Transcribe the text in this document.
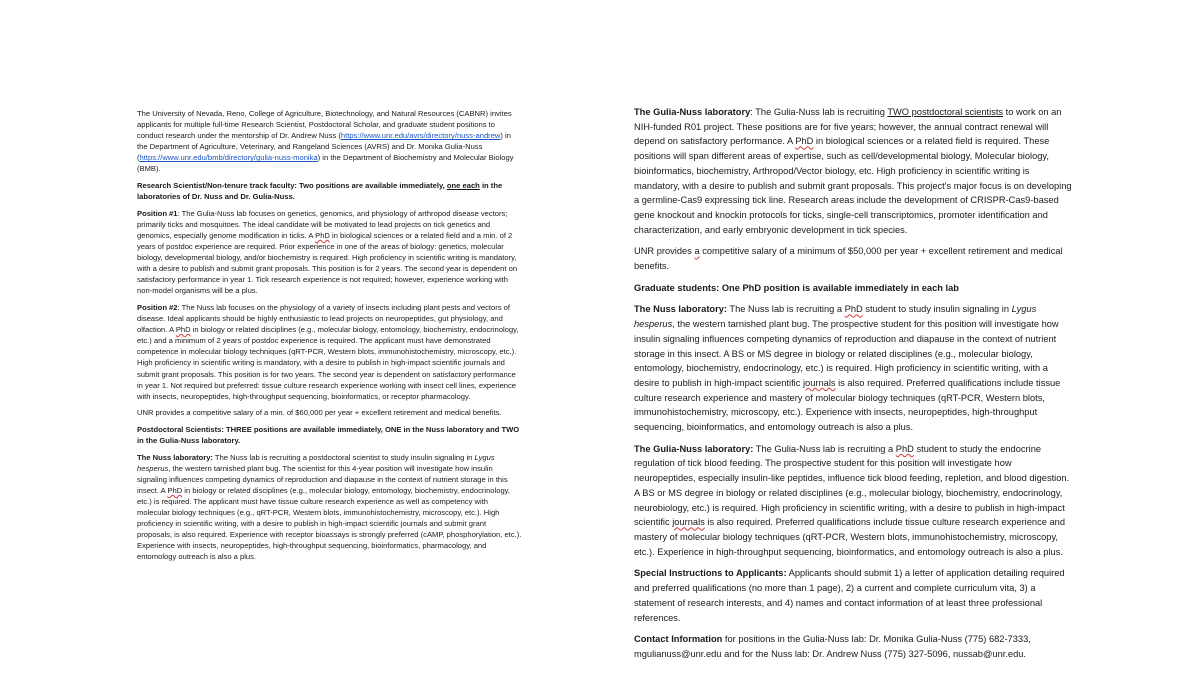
The University of Nevada, Reno, College of Agriculture, Biotechnology, and Natural Resources (CABNR) invites applicants for multiple full-time Research Scientist, Postdoctoral Scholar, and graduate student positions to conduct research under the mentorship of Dr. Andrew Nuss (https://www.unr.edu/avrs/directory/nuss-andrew) in the Department of Agriculture, Veterinary, and Rangeland Sciences (AVRS) and Dr. Monika Gulia-Nuss (https://www.unr.edu/bmb/directory/gulia-nuss-monika) in the Department of Biochemistry and Molecular Biology (BMB).

Research Scientist/Non-tenure track faculty: Two positions are available immediately, one each in the laboratories of Dr. Nuss and Dr. Gulia-Nuss.

Position #1: The Gulia-Nuss lab focuses on genetics, genomics, and physiology of arthropod disease vectors; primarily ticks and mosquitoes. The ideal candidate will be motivated to lead projects on tick genetics and genomics, especially genome modification in ticks. A PhD in biological sciences or a related field and a min. of 2 years of postdoc experience are required. Prior experience in one of the areas of biology: genetics, molecular biology, developmental biology, and/or biochemistry is required. High proficiency in scientific writing is mandatory, with a desire to publish and submit grant proposals. This position is for 2 years. The second year is dependent on satisfactory performance in year 1. Tick research experience is not required; however, experience working with non-model organisms will be a plus.

Position #2: The Nuss lab focuses on the physiology of a variety of insects including plant pests and vectors of disease. Ideal applicants should be highly enthusiastic to lead projects on neuropeptides, gut physiology, and olfaction. A PhD in biology or related disciplines (e.g., molecular biology, entomology, biochemistry, endocrinology, etc.) and a minimum of 2 years of postdoc experience is required. The applicant must have demonstrated competence in molecular biology techniques (qRT-PCR, Western blots, immunohistochemistry, microscopy, etc.). High proficiency in scientific writing is mandatory, with a desire to publish in high-impact scientific journals and submit grant proposals. This position is for two years. The second year is dependent on satisfactory performance in year 1. Not required but preferred: tissue culture research experience working with insect cell lines, experience with insects, neuropeptides, high-throughput sequencing, bioinformatics, or receptor pharmacology.

UNR provides a competitive salary of a min. of $60,000 per year + excellent retirement and medical benefits.

Postdoctoral Scientists: THREE positions are available immediately, ONE in the Nuss laboratory and TWO in the Gulia-Nuss laboratory.

The Nuss laboratory: The Nuss lab is recruiting a postdoctoral scientist to study insulin signaling in Lygus hesperus, the western tarnished plant bug. The scientist for this 4-year position will investigate how insulin signaling influences competing dynamics of reproduction and diapause in the context of nutrient storage in this insect. A PhD in biology or related disciplines (e.g., molecular biology, entomology, biochemistry, endocrinology, etc.) is required. The applicant must have tissue culture research experience as well as competency with molecular biology techniques (e.g., qRT-PCR, Western blots, immunohistochemistry, microscopy, etc.). High proficiency in scientific writing, with a desire to publish in high-impact scientific journals and submit grant proposals, is also required. Experience with receptor bioassays is strongly preferred (cAMP, phosphorylation, etc.). Experience with insects, neuropeptides, high-throughput sequencing, bioinformatics, pharmacology, and entomology outreach is also a plus.

The Gulia-Nuss laboratory: The Gulia-Nuss lab is recruiting TWO postdoctoral scientists to work on an NIH-funded R01 project. These positions are for five years; however, the annual contract renewal will depend on satisfactory performance. A PhD in biological sciences or a related field is required. These positions will span different areas of expertise, such as cell/developmental biology, Molecular biology, bioinformatics, biochemistry, Arthropod/Vector biology, etc. High proficiency in scientific writing is mandatory, with a desire to publish and submit grant proposals. This project's major focus is on developing a germline-Cas9 expressing tick line. Research areas include the development of CRISPR-Cas9-based gene knockout and knockin protocols for ticks, single-cell transcriptomics, promoter identification and characterization, and early embryonic development in tick species.

UNR provides a competitive salary of a minimum of $50,000 per year + excellent retirement and medical benefits.

Graduate students: One PhD position is available immediately in each lab

The Nuss laboratory: The Nuss lab is recruiting a PhD student to study insulin signaling in Lygus hesperus, the western tarnished plant bug. The prospective student for this position will investigate how insulin signaling influences competing dynamics of reproduction and diapause in the context of nutrient storage in this insect. A BS or MS degree in biology or related disciplines (e.g., molecular biology, entomology, biochemistry, endocrinology, etc.) is required. High proficiency in scientific writing, with a desire to publish in high-impact scientific journals is also required. Preferred qualifications include tissue culture research experience and mastery of molecular biology techniques (qRT-PCR, Western blots, immunohistochemistry, microscopy, etc.). Experience with insects, neuropeptides, high-throughput sequencing, bioinformatics, and entomology outreach is also a plus.

The Gulia-Nuss laboratory: The Gulia-Nuss lab is recruiting a PhD student to study the endocrine regulation of tick blood feeding. The prospective student for this position will investigate how neuropeptides, especially insulin-like peptides, influence tick blood feeding, repletion, and blood digestion. A BS or MS degree in biology or related disciplines (e.g., molecular biology, biochemistry, endocrinology, neurobiology, etc.) is required. High proficiency in scientific writing, with a desire to publish in high-impact scientific journals is also required. Preferred qualifications include tissue culture research experience and mastery of molecular biology techniques (qRT-PCR, Western blots, immunohistochemistry, microscopy, etc.). Experience in high-throughput sequencing, bioinformatics, and entomology outreach is also a plus.

Special Instructions to Applicants: Applicants should submit 1) a letter of application detailing required and preferred qualifications (no more than 1 page), 2) a current and complete curriculum vita, 3) a statement of research interests, and 4) names and contact information of at least three professional references.

Contact Information for positions in the Gulia-Nuss lab: Dr. Monika Gulia-Nuss (775) 682-7333, mgulianuss@unr.edu and for the Nuss lab: Dr. Andrew Nuss (775) 327-5096, nussab@unr.edu.
